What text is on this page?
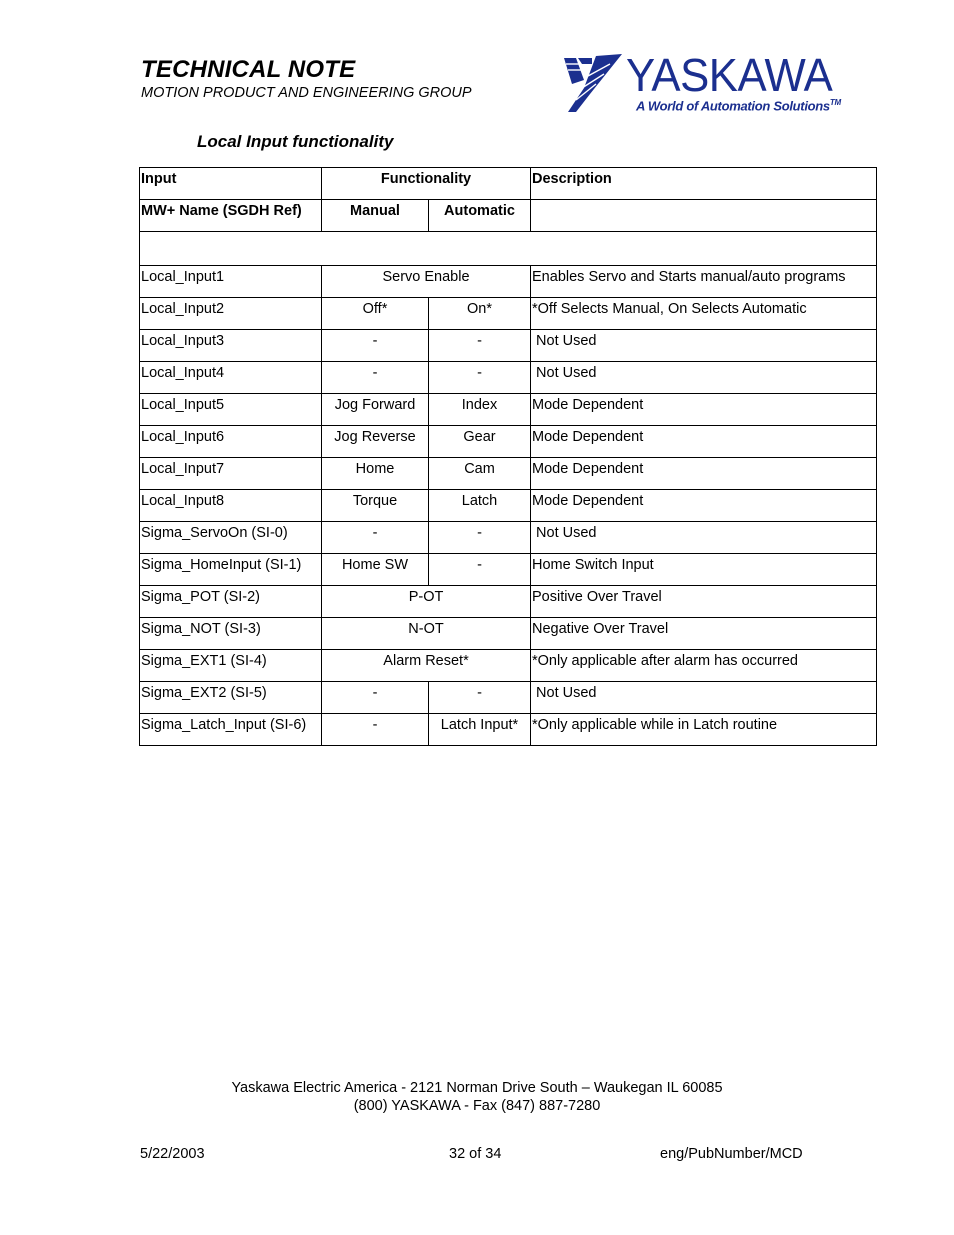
TECHNICAL NOTE
MOTION PRODUCT AND ENGINEERING GROUP	YASKAWA
A World of Automation Solutions™
Local Input functionality
Input	Functionality		Description
MW+ Name (SGDH Ref)	Manual	Automatic	

Local_Input1	Servo Enable		Enables Servo and Starts manual/auto programs
Local_Input2	Off*	On*	*Off Selects Manual, On Selects Automatic
Local_Input3	-	-	Not Used
Local_Input4	-	-	Not Used
Local_Input5	Jog Forward	Index	Mode Dependent
Local_Input6	Jog Reverse	Gear	Mode Dependent
Local_Input7	Home	Cam	Mode Dependent
Local_Input8	Torque	Latch	Mode Dependent
Sigma_ServoOn (SI-0)	-	-	Not Used
Sigma_HomeInput (SI-1)	Home SW	-	Home Switch Input
Sigma_POT (SI-2)	P-OT		Positive Over Travel
Sigma_NOT (SI-3)	N-OT		Negative Over Travel
Sigma_EXT1 (SI-4)	Alarm Reset*		*Only applicable after alarm has occurred
Sigma_EXT2 (SI-5)	-	-	Not Used
Sigma_Latch_Input (SI-6)	-	Latch Input*	*Only applicable while in Latch routine
Yaskawa Electric America - 2121 Norman Drive South – Waukegan IL 60085
(800) YASKAWA - Fax (847) 887-7280
5/22/2003	32 of 34	eng/PubNumber/MCD
